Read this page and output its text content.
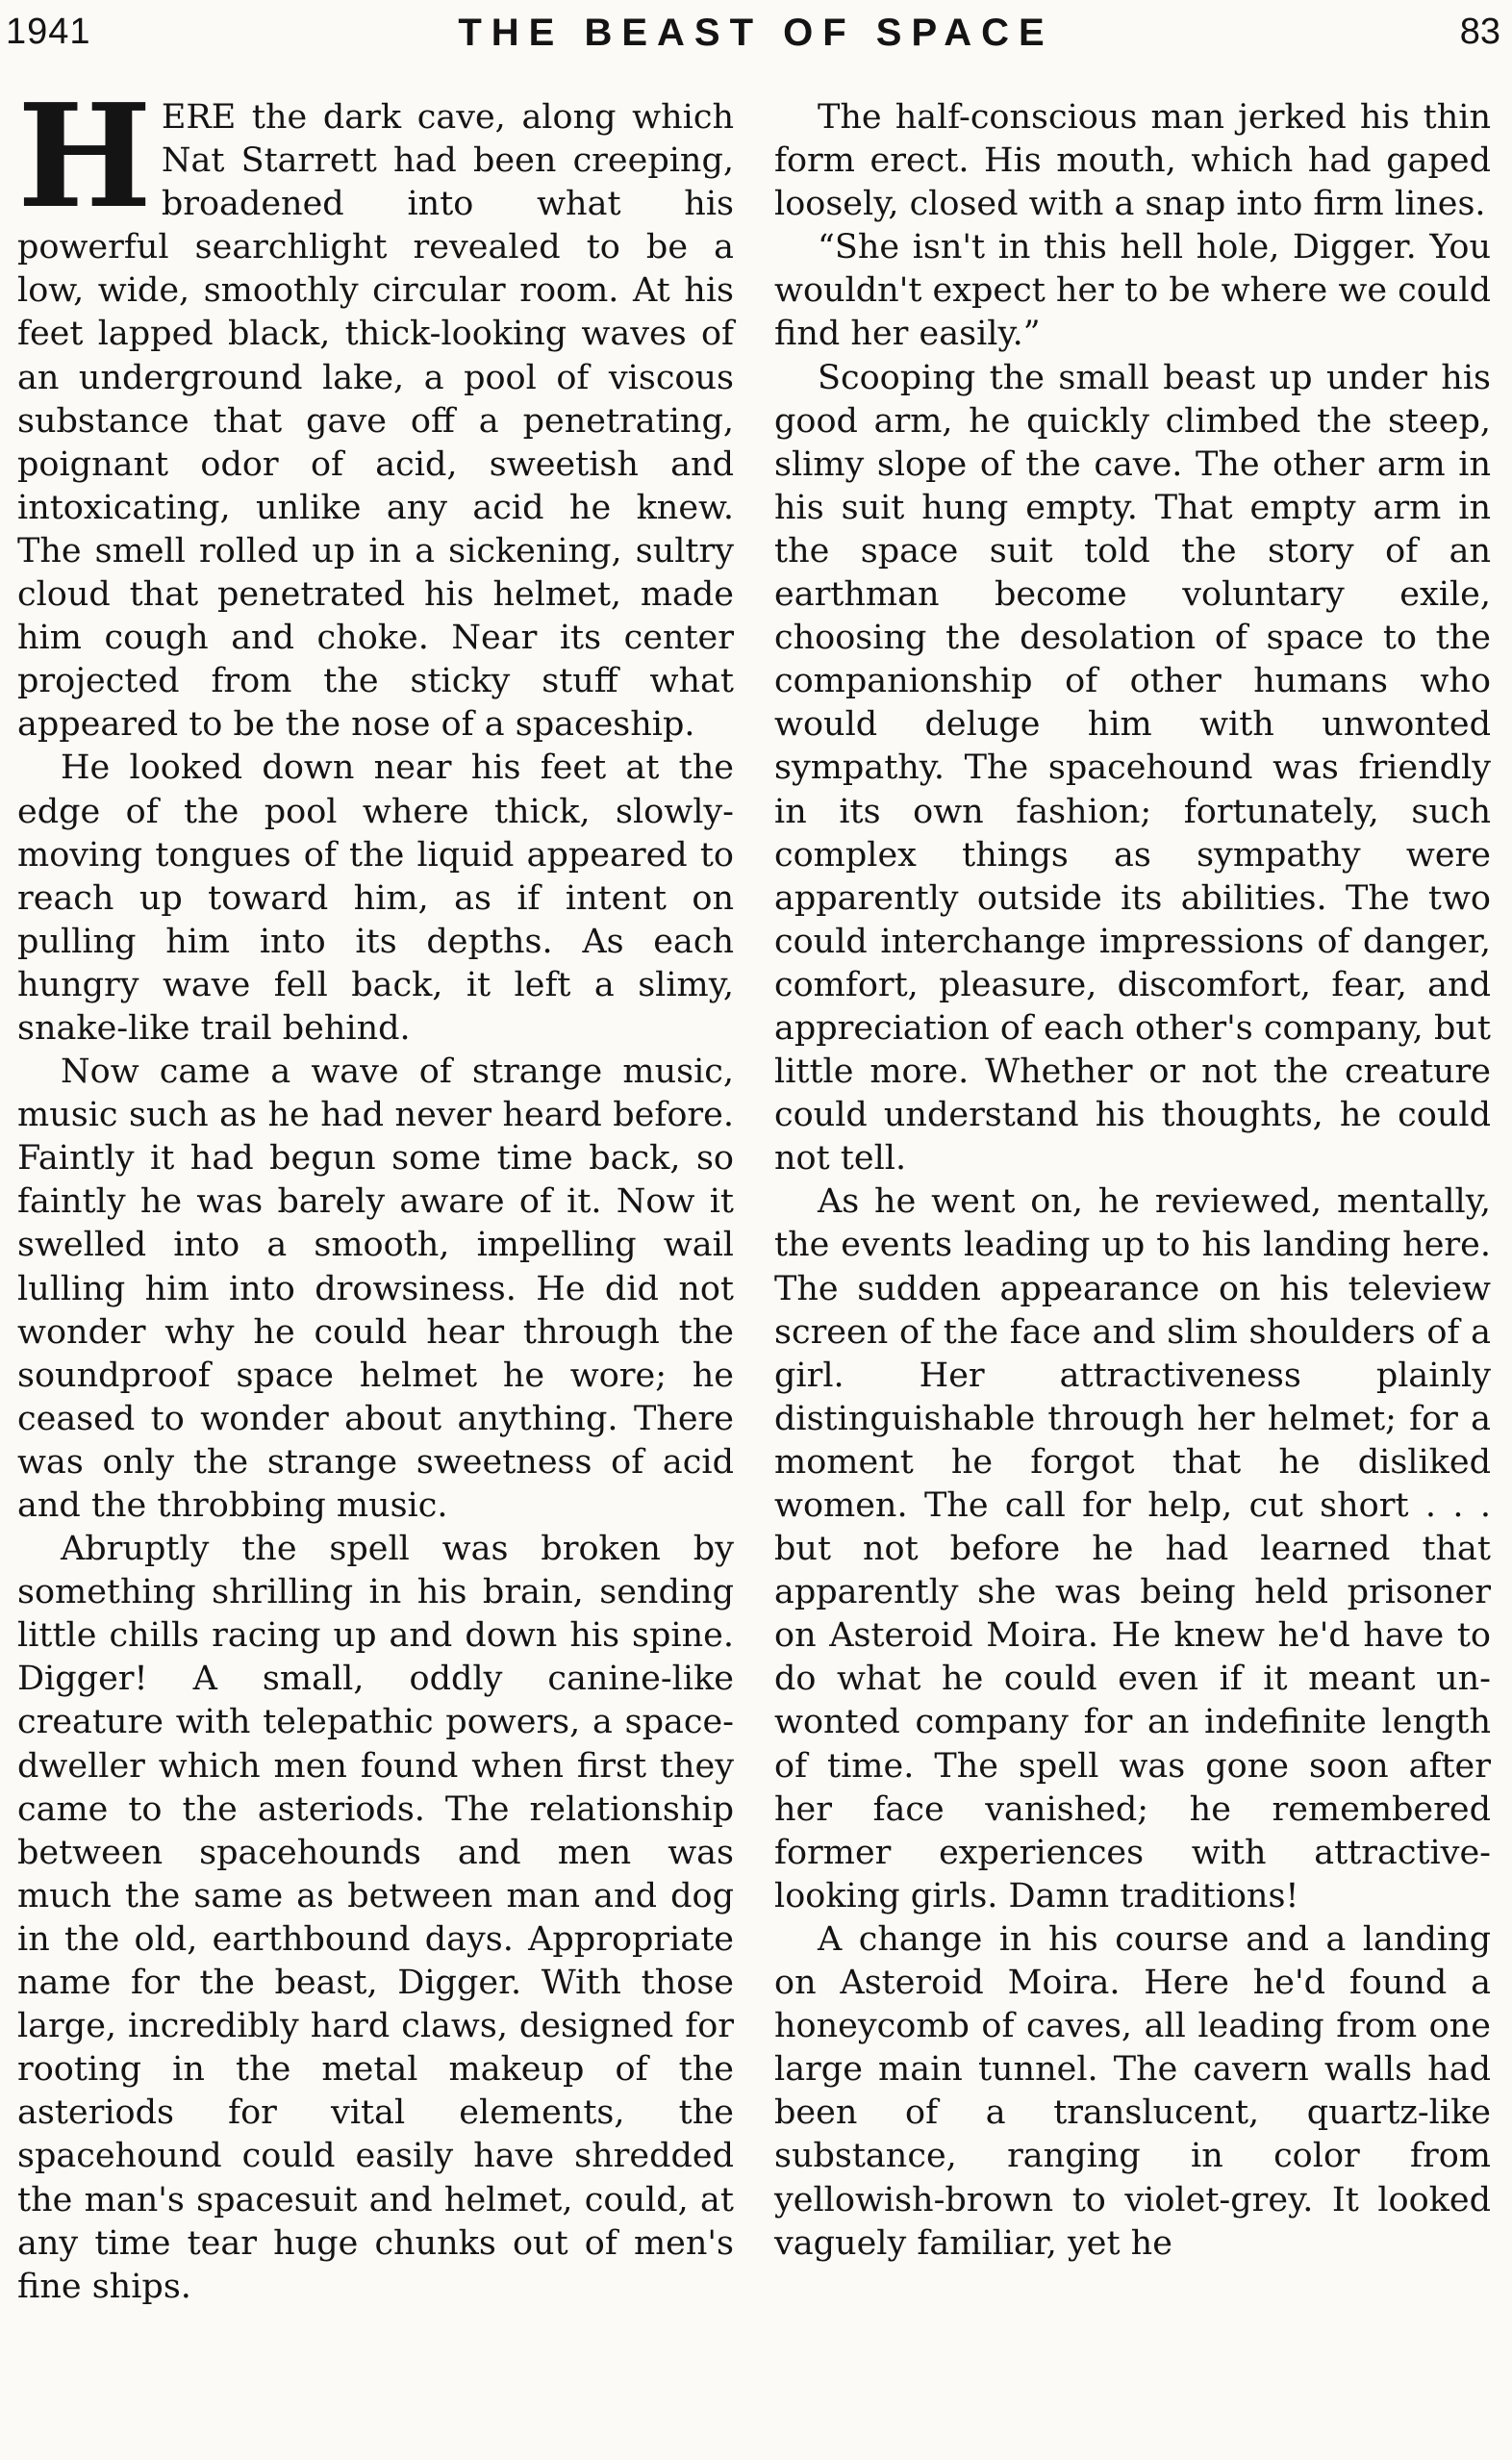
1941	THE BEAST OF SPACE	83

HERE the dark cave, along which Nat Starrett had been creeping, broadened into what his powerful searchlight revealed to be a low, wide, smoothly circular room. At his feet lapped black, thick-looking waves of an underground lake, a pool of viscous substance that gave off a penetrating, poignant odor of acid, sweetish and intoxicating, unlike any acid he knew. The smell rolled up in a sickening, sultry cloud that penetrated his helmet, made him cough and choke. Near its center projected from the sticky stuff what appeared to be the nose of a spaceship.

He looked down near his feet at the edge of the pool where thick, slowlymoving tongues of the liquid appeared to reach up toward him, as if intent on pulling him into its depths. As each hungry wave fell back, it left a slimy, snake-like trail behind.

Now came a wave of strange music, music such as he had never heard before. Faintly it had begun some time back, so faintly he was barely aware of it. Now it swelled into a smooth, impelling wail lulling him into drowsiness. He did not wonder why he could hear through the soundproof space helmet he wore; he ceased to wonder about anything. There was only the strange sweetness of acid and the throbbing music.

Abruptly the spell was broken by something shrilling in his brain, sending little chills racing up and down his spine. Digger! A small, oddly canine-like creature with telepathic powers, a space-dweller which men found when first they came to the asteriods. The relationship between spacehounds and men was much the same as between man and dog in the old, earthbound days. Appropriate name for the beast, Digger. With those large, incredibly hard claws, designed for rooting in the metal makeup of the asteriods for vital elements, the spacehound could easily have shredded the man's spacesuit and helmet, could, at any time tear huge chunks out of men's fine ships.

The half-conscious man jerked his thin form erect. His mouth, which had gaped loosely, closed with a snap into firm lines.

“She isn't in this hell hole, Digger. You wouldn't expect her to be where we could find her easily.”

Scooping the small beast up under his good arm, he quickly climbed the steep, slimy slope of the cave. The other arm in his suit hung empty. That empty arm in the space suit told the story of an earthman become voluntary exile, choosing the desolation of space to the companionship of other humans who would deluge him with unwonted sympathy. The spacehound was friendly in its own fashion; fortunately, such complex things as sympathy were apparently outside its abilities. The two could interchange impressions of danger, comfort, pleasure, discomfort, fear, and appreciation of each other's company, but little more. Whether or not the creature could understand his thoughts, he could not tell.

As he went on, he reviewed, mentally, the events leading up to his landing here. The sudden appearance on his teleview screen of the face and slim shoulders of a girl. Her attractiveness plainly distinguishable through her helmet; for a moment he forgot that he disliked women. The call for help, cut short . . . but not before he had learned that apparently she was being held prisoner on Asteroid Moira. He knew he'd have to do what he could even if it meant unwonted company for an indefinite length of time. The spell was gone soon after her face vanished; he remembered former experiences with attractive-looking girls. Damn traditions!

A change in his course and a landing on Asteroid Moira. Here he'd found a honeycomb of caves, all leading from one large main tunnel. The cavern walls had been of a translucent, quartz-like substance, ranging in color from yellowish-brown to violet-grey. It looked vaguely familiar, yet he
